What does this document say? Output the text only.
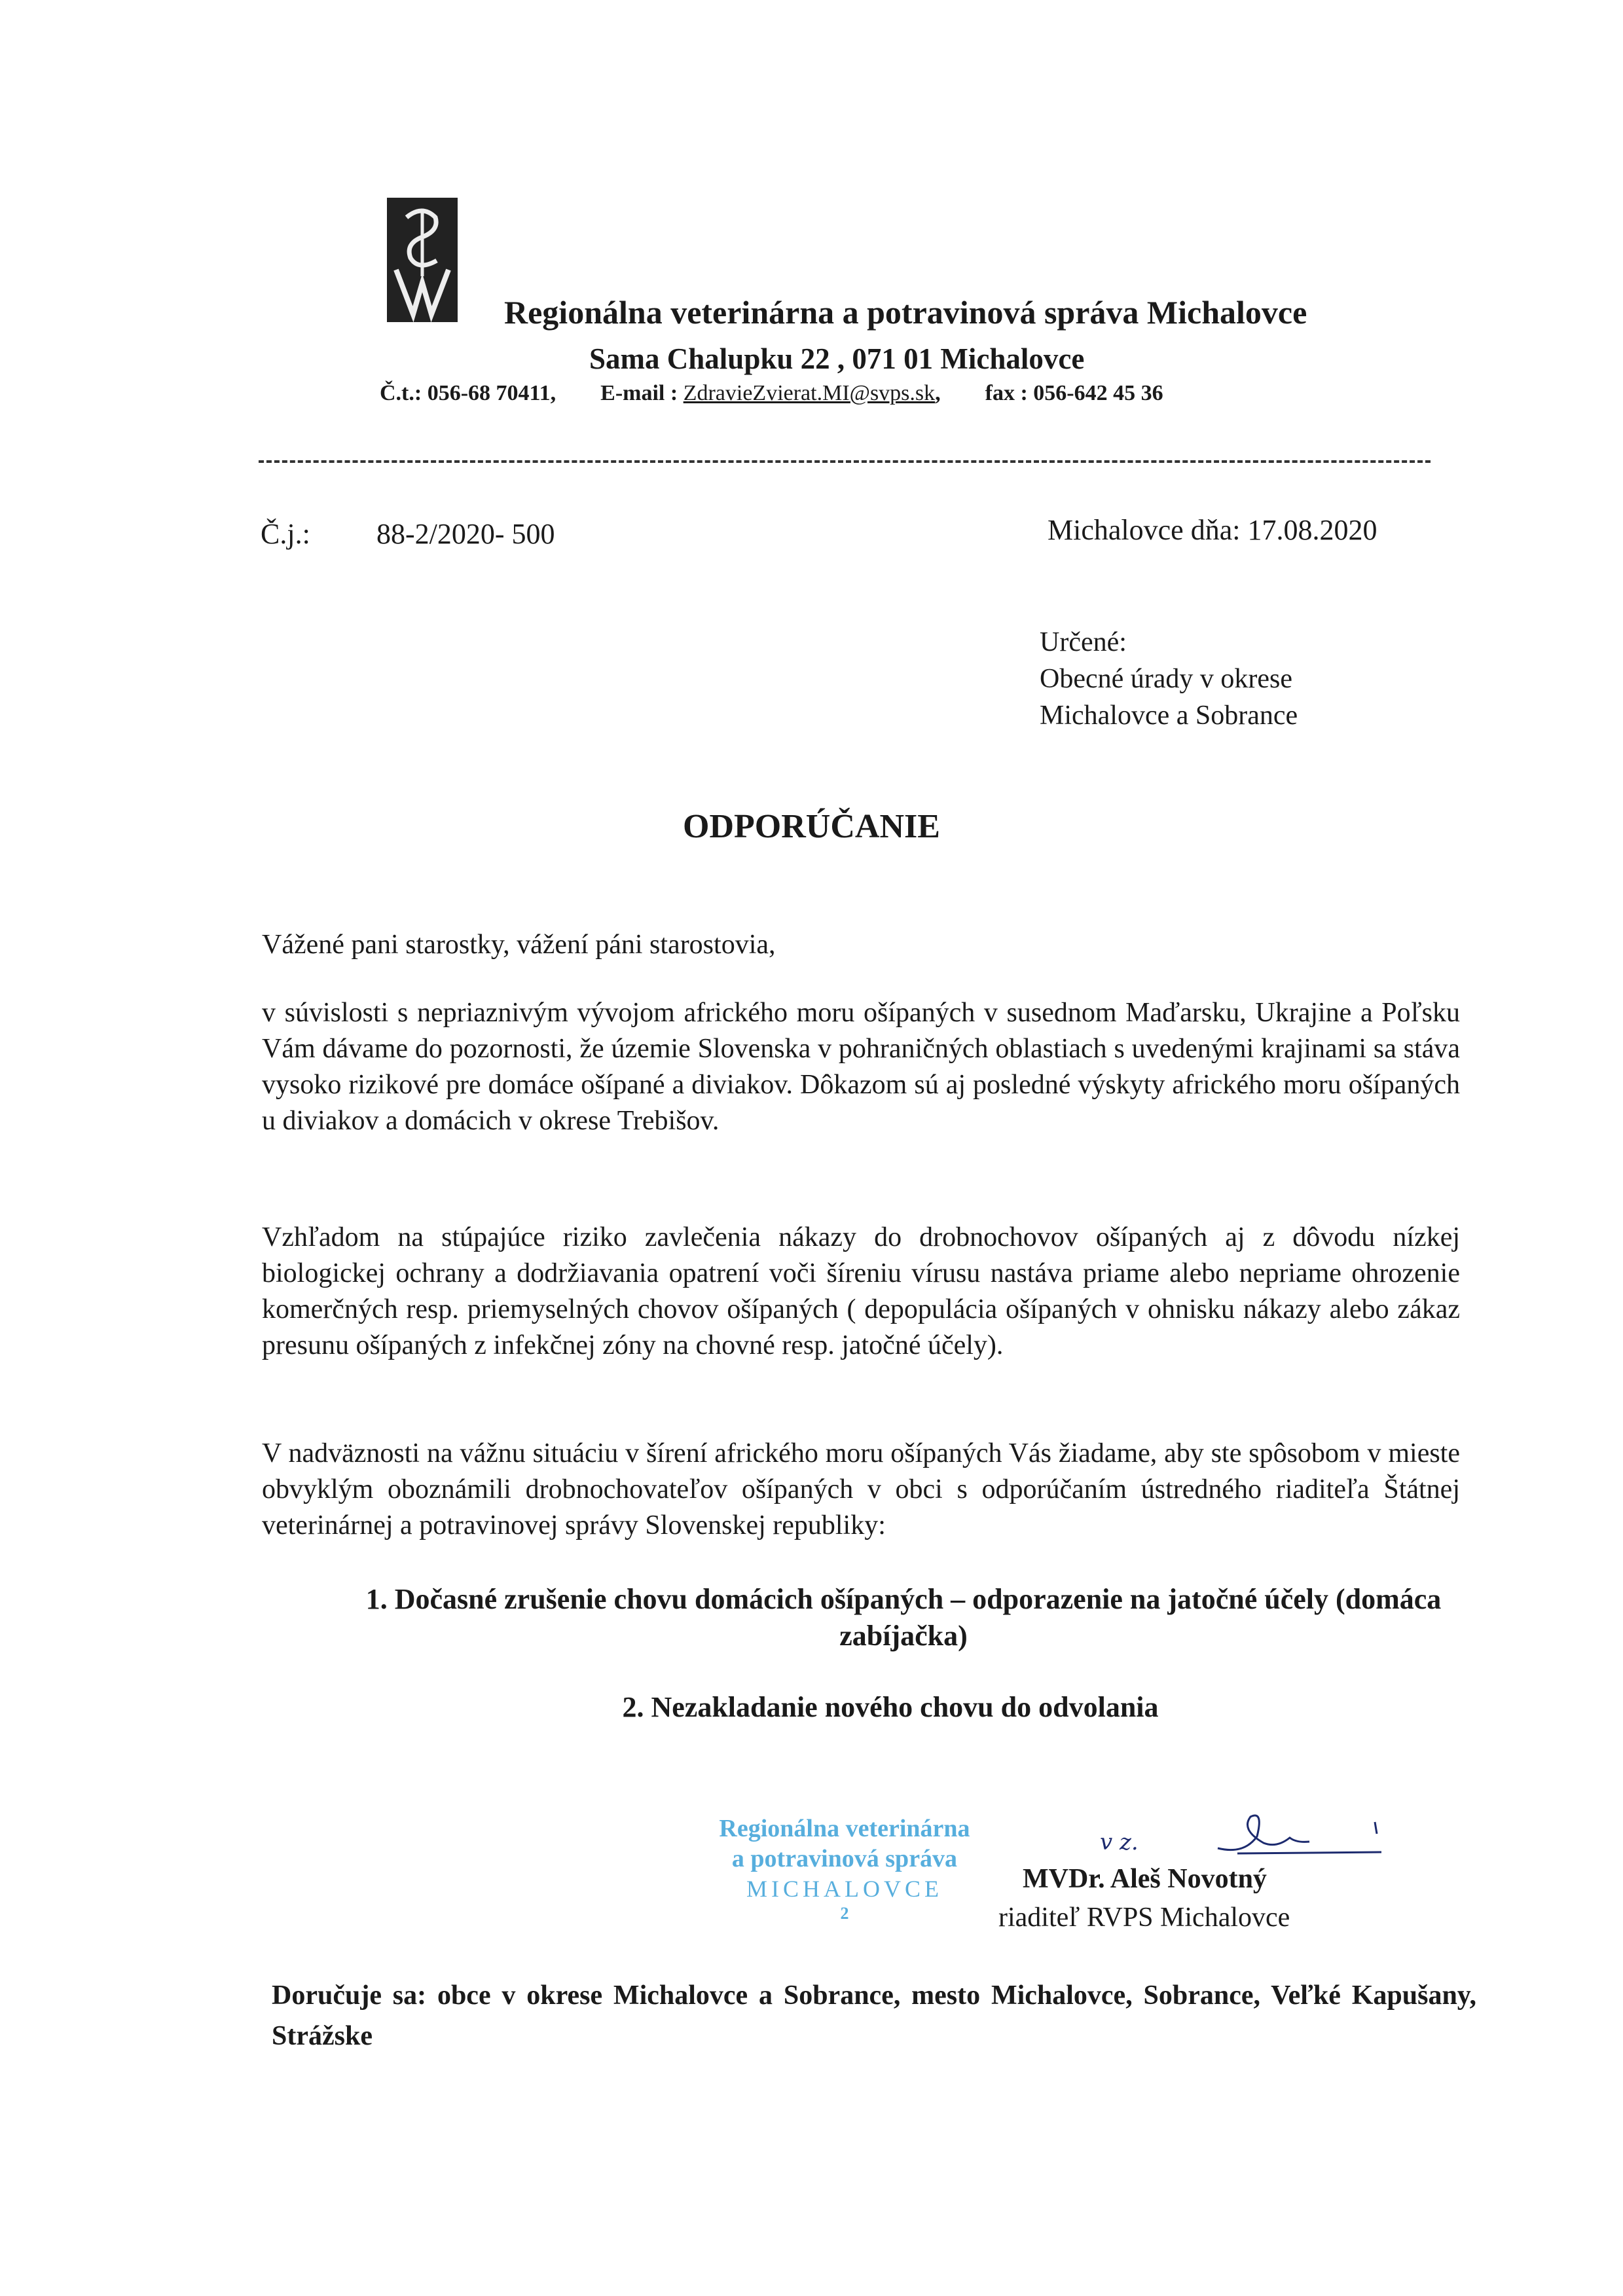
Regionálna veterinárna a potravinová správa Michalovce
Sama Chalupku 22 , 071 01 Michalovce
Č.t.: 056-68 70411, E-mail : ZdravieZvierat.MI@svps.sk, fax : 056-642 45 36
Č.j.: 88-2/2020- 500	Michalovce dňa: 17.08.2020
Určené:
Obecné úrady v okrese
Michalovce a Sobrance
ODPORÚČANIE
Vážené pani starostky, vážení páni starostovia,
v súvislosti s nepriaznivým vývojom afrického moru ošípaných v susednom Maďarsku, Ukrajine a Poľsku Vám dávame do pozornosti, že územie Slovenska v pohraničných oblastiach s uvedenými krajinami sa stáva vysoko rizikové pre domáce ošípané a diviakov. Dôkazom sú aj posledné výskyty afrického moru ošípaných u diviakov a domácich v okrese Trebišov.
Vzhľadom na stúpajúce riziko zavlečenia nákazy do drobnochovov ošípaných aj z dôvodu nízkej biologickej ochrany a dodržiavania opatrení voči šíreniu vírusu nastáva priame alebo nepriame ohrozenie komerčných resp. priemyselných chovov ošípaných ( depopulácia ošípaných v ohnisku nákazy alebo zákaz presunu ošípaných z infekčnej zóny na chovné resp. jatočné účely).
V nadväznosti na vážnu situáciu v šírení afrického moru ošípaných Vás žiadame, aby ste spôsobom v mieste obvyklým oboznámili drobnochovateľov ošípaných v obci s odporúčaním ústredného riaditeľa Štátnej veterinárnej a potravinovej správy Slovenskej republiky:
1. Dočasné zrušenie chovu domácich ošípaných – odporazenie na jatočné účely (domáca zabíjačka)
2. Nezakladanie nového chovu do odvolania
Regionálna veterinárna
a potravinová správa
MICHALOVCE
2
v z.
MVDr. Aleš Novotný
riaditeľ RVPS Michalovce
Doručuje sa: obce v okrese Michalovce a Sobrance, mesto Michalovce, Sobrance, Veľké Kapušany, Strážske
